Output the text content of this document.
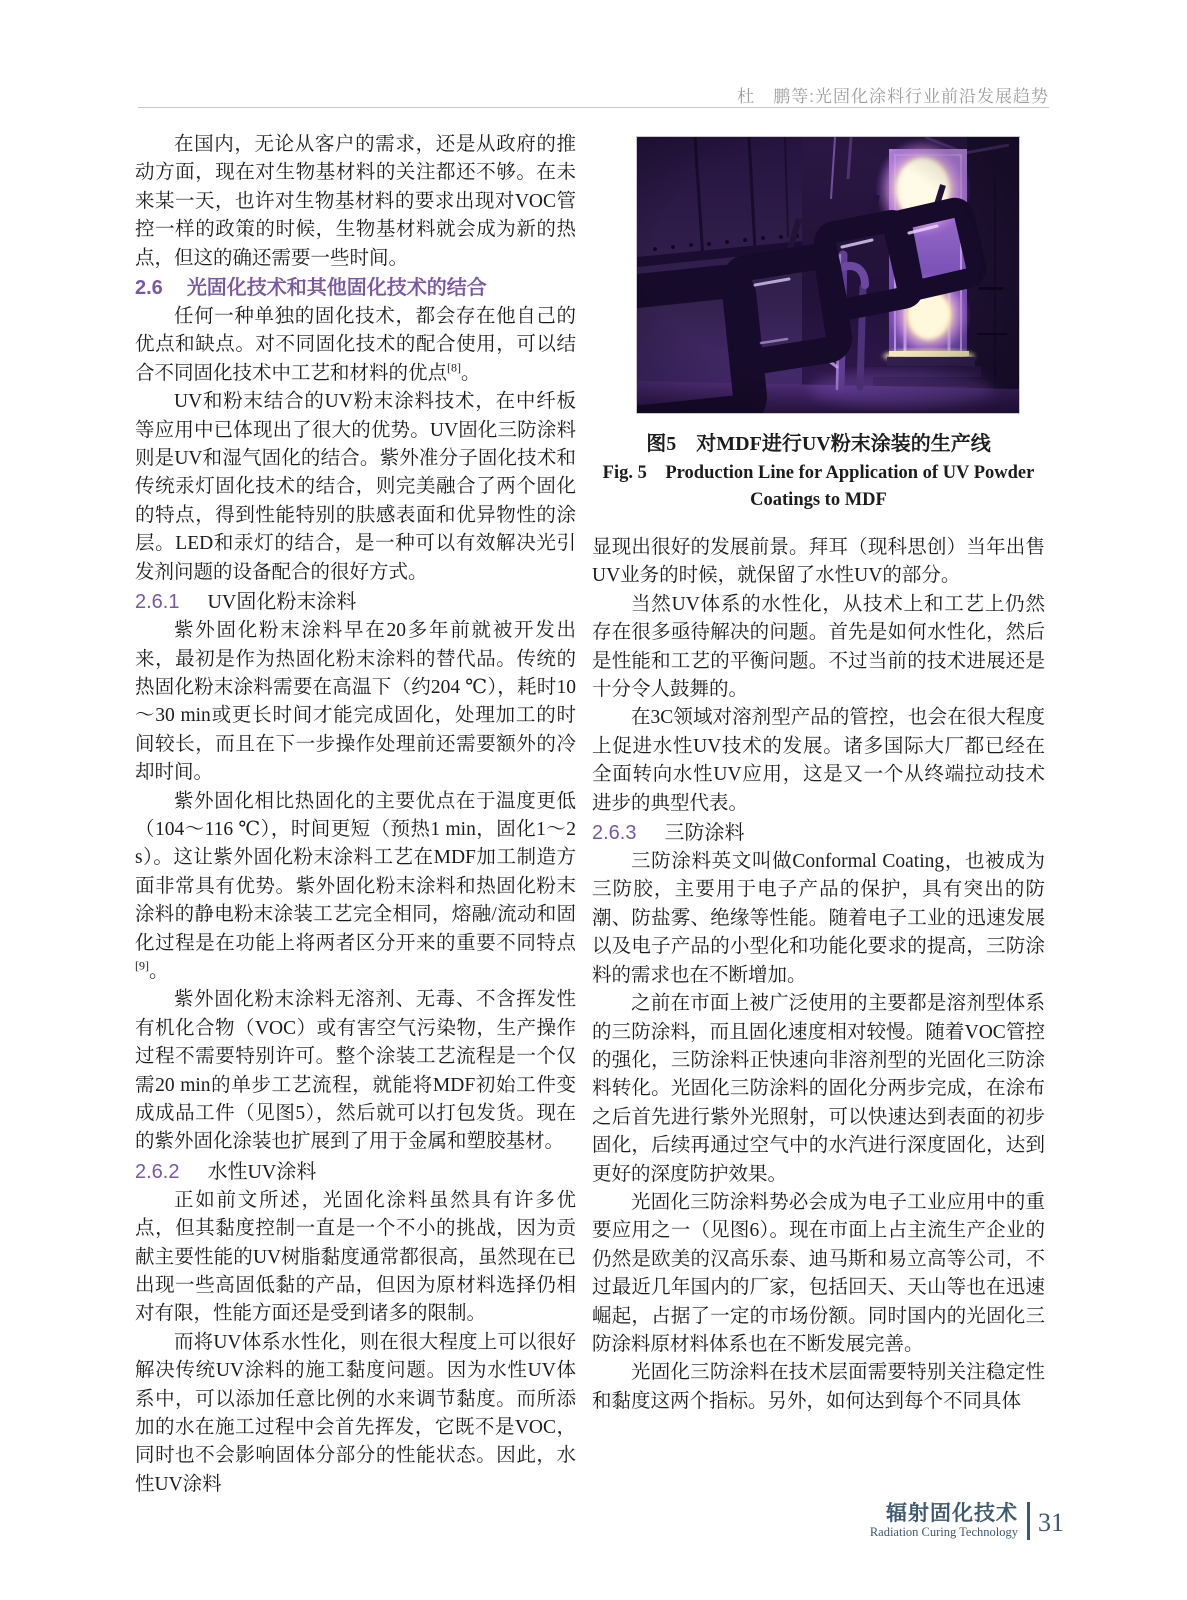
杜　鹏等:光固化涂料行业前沿发展趋势

在国内，无论从客户的需求，还是从政府的推动方面，现在对生物基材料的关注都还不够。在未来某一天，也许对生物基材料的要求出现对VOC管控一样的政策的时候，生物基材料就会成为新的热点，但这的确还需要一些时间。

2.6 光固化技术和其他固化技术的结合

任何一种单独的固化技术，都会存在他自己的优点和缺点。对不同固化技术的配合使用，可以结合不同固化技术中工艺和材料的优点[8]。

UV和粉末结合的UV粉末涂料技术，在中纤板等应用中已体现出了很大的优势。UV固化三防涂料则是UV和湿气固化的结合。紫外准分子固化技术和传统汞灯固化技术的结合，则完美融合了两个固化的特点，得到性能特别的肤感表面和优异物性的涂层。LED和汞灯的结合，是一种可以有效解决光引发剂问题的设备配合的很好方式。

2.6.1 UV固化粉末涂料

紫外固化粉末涂料早在20多年前就被开发出来，最初是作为热固化粉末涂料的替代品。传统的热固化粉末涂料需要在高温下（约204 ℃），耗时10～30 min或更长时间才能完成固化，处理加工的时间较长，而且在下一步操作处理前还需要额外的冷却时间。

紫外固化相比热固化的主要优点在于温度更低（104～116 ℃），时间更短（预热1 min，固化1～2 s）。这让紫外固化粉末涂料工艺在MDF加工制造方面非常具有优势。紫外固化粉末涂料和热固化粉末涂料的静电粉末涂装工艺完全相同，熔融/流动和固化过程是在功能上将两者区分开来的重要不同特点[9]。

紫外固化粉末涂料无溶剂、无毒、不含挥发性有机化合物（VOC）或有害空气污染物，生产操作过程不需要特别许可。整个涂装工艺流程是一个仅需20 min的单步工艺流程，就能将MDF初始工件变成成品工件（见图5），然后就可以打包发货。现在的紫外固化涂装也扩展到了用于金属和塑胶基材。

2.6.2 水性UV涂料

正如前文所述，光固化涂料虽然具有许多优点，但其黏度控制一直是一个不小的挑战，因为贡献主要性能的UV树脂黏度通常都很高，虽然现在已出现一些高固低黏的产品，但因为原材料选择仍相对有限，性能方面还是受到诸多的限制。

而将UV体系水性化，则在很大程度上可以很好解决传统UV涂料的施工黏度问题。因为水性UV体系中，可以添加任意比例的水来调节黏度。而所添加的水在施工过程中会首先挥发，它既不是VOC，同时也不会影响固体分部分的性能状态。因此，水性UV涂料

图5　对MDF进行UV粉末涂装的生产线

Fig. 5　Production Line for Application of UV Powder
Coatings to MDF

显现出很好的发展前景。拜耳（现科思创）当年出售UV业务的时候，就保留了水性UV的部分。

当然UV体系的水性化，从技术上和工艺上仍然存在很多亟待解决的问题。首先是如何水性化，然后是性能和工艺的平衡问题。不过当前的技术进展还是十分令人鼓舞的。

在3C领域对溶剂型产品的管控，也会在很大程度上促进水性UV技术的发展。诸多国际大厂都已经在全面转向水性UV应用，这是又一个从终端拉动技术进步的典型代表。

2.6.3 三防涂料

三防涂料英文叫做Conformal Coating，也被成为三防胶，主要用于电子产品的保护，具有突出的防潮、防盐雾、绝缘等性能。随着电子工业的迅速发展以及电子产品的小型化和功能化要求的提高，三防涂料的需求也在不断增加。

之前在市面上被广泛使用的主要都是溶剂型体系的三防涂料，而且固化速度相对较慢。随着VOC管控的强化，三防涂料正快速向非溶剂型的光固化三防涂料转化。光固化三防涂料的固化分两步完成，在涂布之后首先进行紫外光照射，可以快速达到表面的初步固化，后续再通过空气中的水汽进行深度固化，达到更好的深度防护效果。

光固化三防涂料势必会成为电子工业应用中的重要应用之一（见图6）。现在市面上占主流生产企业的仍然是欧美的汉高乐泰、迪马斯和易立高等公司，不过最近几年国内的厂家，包括回天、天山等也在迅速崛起，占据了一定的市场份额。同时国内的光固化三防涂料原材料体系也在不断发展完善。

光固化三防涂料在技术层面需要特别关注稳定性和黏度这两个指标。另外，如何达到每个不同具体

辐射固化技术
Radiation Curing Technology 31
